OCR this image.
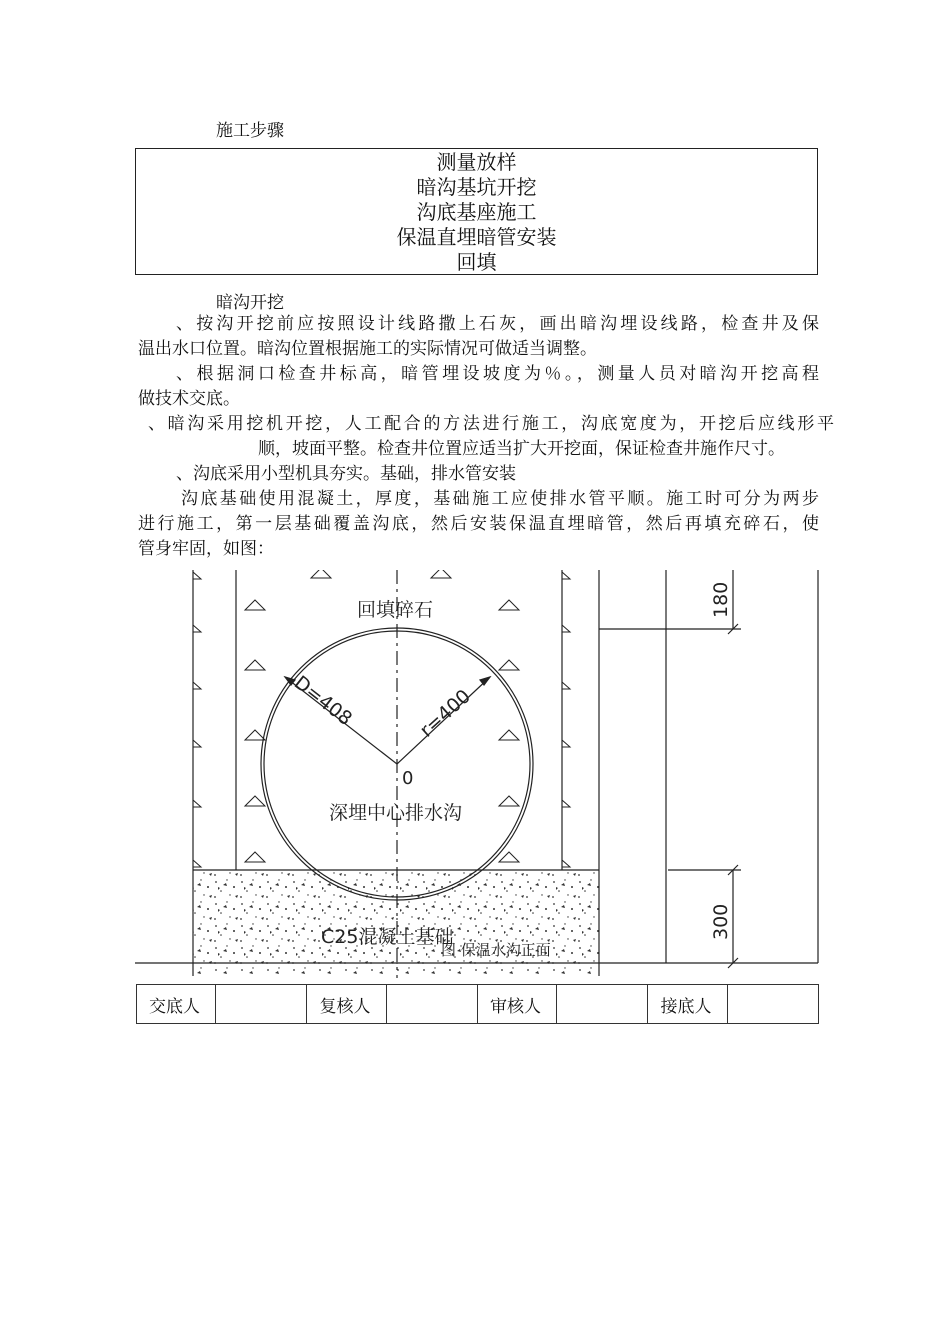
施工步骤
测量放样
暗沟基坑开挖
沟底基座施工
保温直埋暗管安装
回填
暗沟开挖
、按沟开挖前应按照设计线路撒上石灰，画出暗沟埋设线路，检查井及保
温出水口位置。暗沟位置根据施工的实际情况可做适当调整。
、根据洞口检查井标高，暗管埋设坡度为％。，测量人员对暗沟开挖高程
做技术交底。
、暗沟采用挖机开挖，人工配合的方法进行施工，沟底宽度为，开挖后应线形平
顺，坡面平整。检查井位置应适当扩大开挖面，保证检查井施作尺寸。
、沟底采用小型机具夯实。基础，排水管安装
沟底基础使用混凝土，厚度，基础施工应使排水管平顺。施工时可分为两步
进行施工，第一层基础覆盖沟底，然后安装保温直埋暗管，然后再填充碎石，使
管身牢固，如图：
回填碎石
D=408	r=400
0
深埋中心排水沟
C25混凝土基础
图 保温水沟正面
180
300
交底人		复核人		审核人		接底人	
